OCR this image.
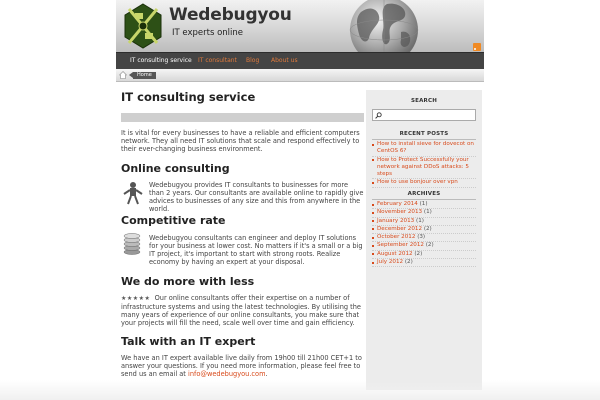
Wedebugyou
IT experts online
IT consulting service IT consultant Blog About us
Home
IT consulting service

It is vital for every businesses to have a reliable and efficient computers network. They all need IT solutions that scale and respond effectively to their ever-changing business environment.

Online consulting

Wedebugyou provides IT consultants to businesses for more than 2 years. Our consultants are available online to rapidly give advices to businesses of any size and this from anywhere in the world.

Competitive rate

Wedebugyou consultants can engineer and deploy IT solutions for your business at lower cost. No matters if it's a small or a big IT project, it's important to start with strong roots. Realize economy by having an expert at your disposal.

We do more with less

★★★★★ Our online consultants offer their expertise on a number of infrastructure systems and using the latest technologies. By utilising the many years of experience of our online consultants, you make sure that your projects will fill the need, scale well over time and gain efficiency.

Talk with an IT expert

We have an IT expert available live daily from 19h00 till 21h00 CET+1 to answer your questions. If you need more information, please feel free to send us an email at info@wedebugyou.com.

SEARCH
RECENT POSTS
How to install sieve for dovecot on CentOS 6?
How to Protect Successfully your network against DDoS attacks: 5 steps
How to use bonjour over vpn
ARCHIVES
February 2014 (1)
November 2013 (1)
January 2013 (1)
December 2012 (2)
October 2012 (3)
September 2012 (2)
August 2012 (2)
July 2012 (2)
